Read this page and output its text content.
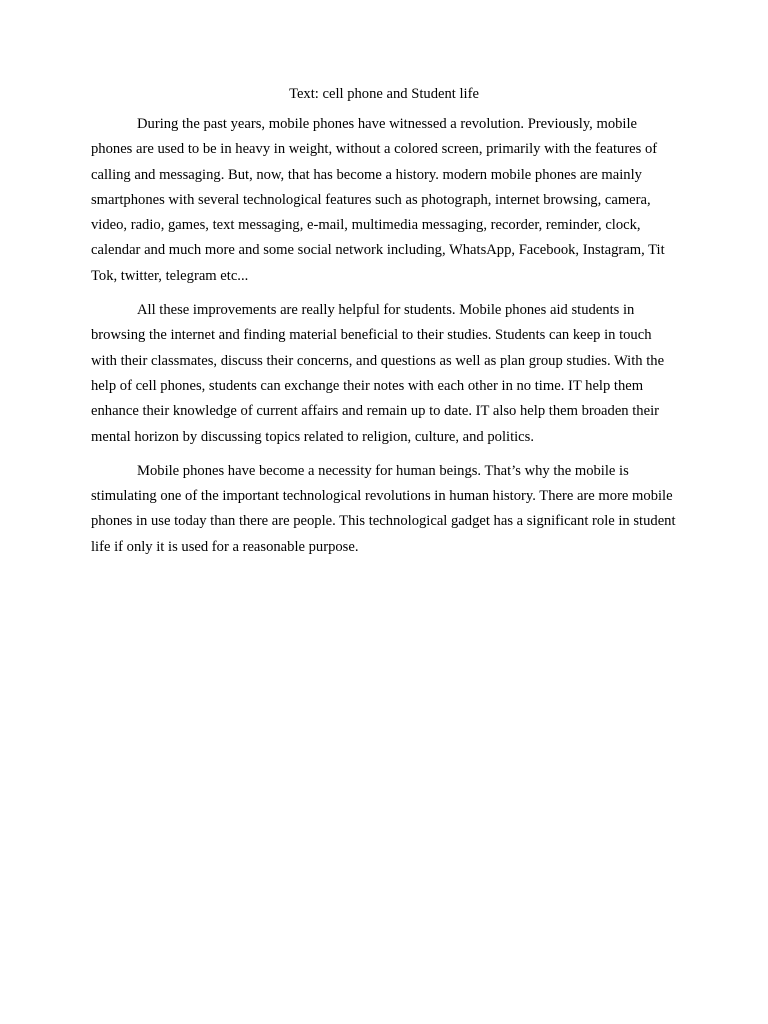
Text: cell phone and Student life

During the past years, mobile phones have witnessed a revolution. Previously, mobile phones are used to be in heavy in weight, without a colored screen, primarily with the features of calling and messaging. But, now, that has become a history. modern mobile phones are mainly smartphones with several technological features such as photograph, internet browsing, camera, video, radio, games, text messaging, e-mail, multimedia messaging, recorder, reminder, clock, calendar and much more and some social network including, WhatsApp, Facebook, Instagram, Tit Tok, twitter, telegram etc...

All these improvements are really helpful for students. Mobile phones aid students in browsing the internet and finding material beneficial to their studies. Students can keep in touch with their classmates, discuss their concerns, and questions as well as plan group studies. With the help of cell phones, students can exchange their notes with each other in no time. IT help them enhance their knowledge of current affairs and remain up to date. IT also help them broaden their mental horizon by discussing topics related to religion, culture, and politics.

Mobile phones have become a necessity for human beings. That’s why the mobile is stimulating one of the important technological revolutions in human history. There are more mobile phones in use today than there are people. This technological gadget has a significant role in student life if only it is used for a reasonable purpose.
